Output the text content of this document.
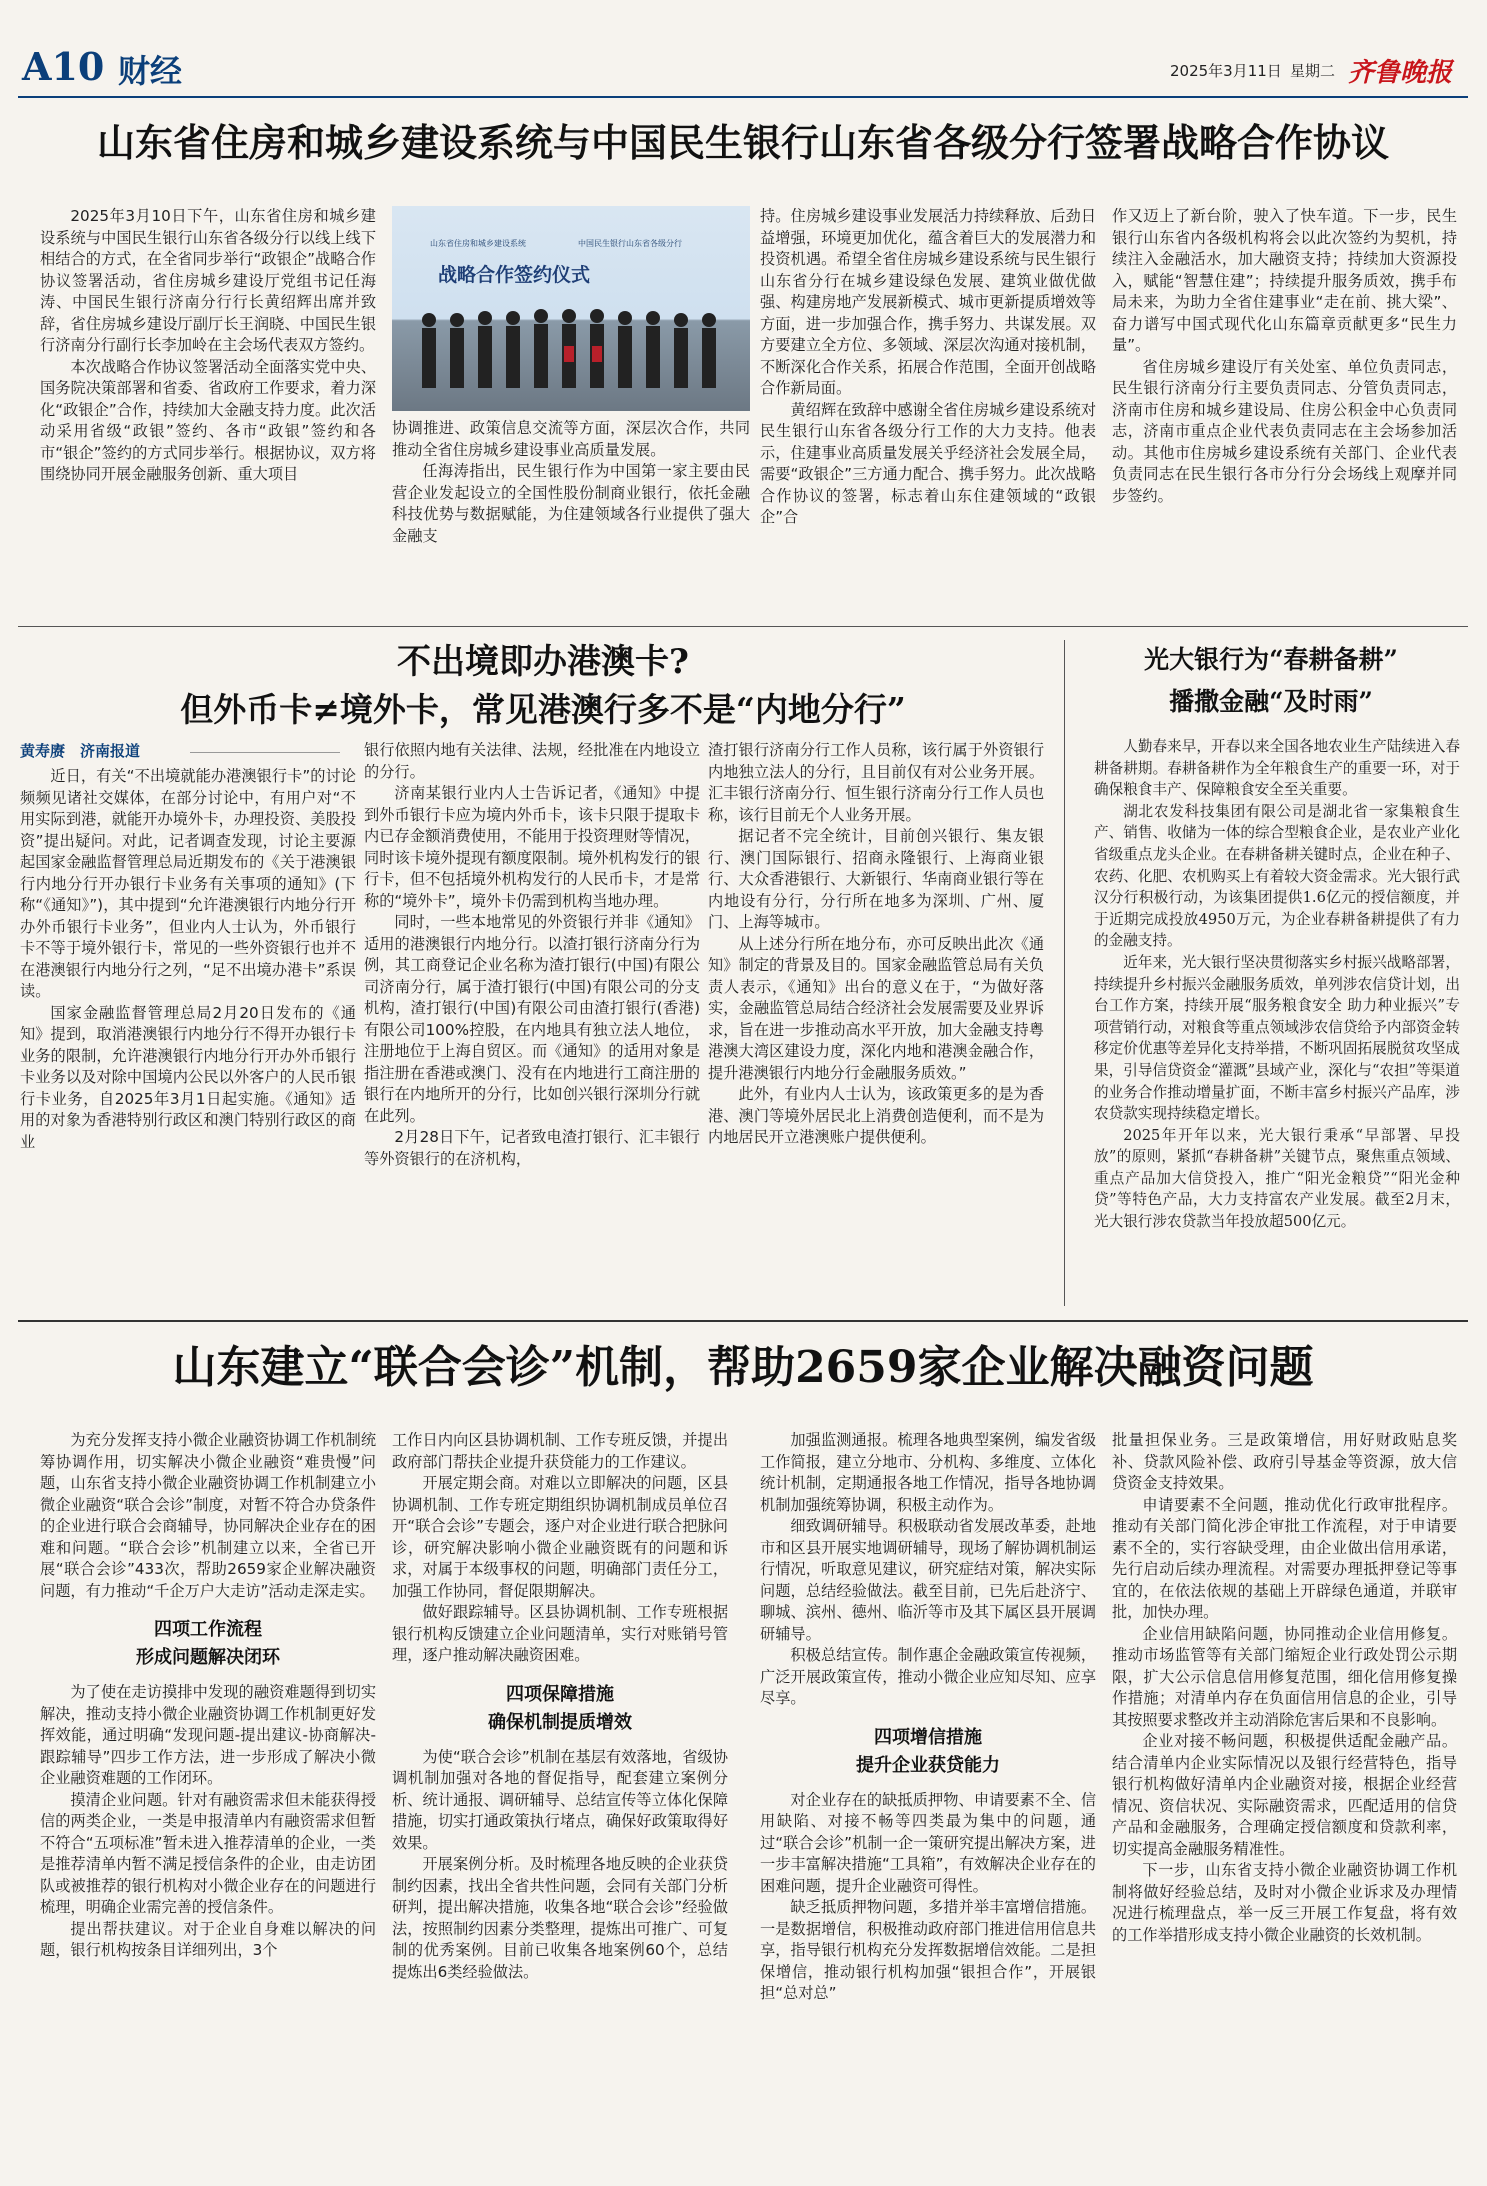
A10 财经	2025年3月11日 星期二 齐鲁晚报
山东省住房和城乡建设系统与中国民生银行山东省各级分行签署战略合作协议

2025年3月10日下午，山东省住房和城乡建设系统与中国民生银行山东省各级分行以线上线下相结合的方式，在全省同步举行“政银企”战略合作协议签署活动，省住房城乡建设厅党组书记任海涛、中国民生银行济南分行行长黄绍辉出席并致辞，省住房城乡建设厅副厅长王润晓、中国民生银行济南分行副行长李加岭在主会场代表双方签约。

本次战略合作协议签署活动全面落实党中央、国务院决策部署和省委、省政府工作要求，着力深化“政银企”合作，持续加大金融支持力度。此次活动采用省级“政银”签约、各市“政银”签约和各市“银企”签约的方式同步举行。根据协议，双方将围绕协同开展金融服务创新、重大项目

山东省住房和城乡建设系统	中国民生银行山东省各级分行
战略合作签约仪式

协调推进、政策信息交流等方面，深层次合作，共同推动全省住房城乡建设事业高质量发展。

任海涛指出，民生银行作为中国第一家主要由民营企业发起设立的全国性股份制商业银行，依托金融科技优势与数据赋能，为住建领域各行业提供了强大金融支

持。住房城乡建设事业发展活力持续释放、后劲日益增强，环境更加优化，蕴含着巨大的发展潜力和投资机遇。希望全省住房城乡建设系统与民生银行山东省分行在城乡建设绿色发展、建筑业做优做强、构建房地产发展新模式、城市更新提质增效等方面，进一步加强合作，携手努力、共谋发展。双方要建立全方位、多领域、深层次沟通对接机制，不断深化合作关系，拓展合作范围，全面开创战略合作新局面。

黄绍辉在致辞中感谢全省住房城乡建设系统对民生银行山东省各级分行工作的大力支持。他表示，住建事业高质量发展关乎经济社会发展全局，需要“政银企”三方通力配合、携手努力。此次战略合作协议的签署，标志着山东住建领域的“政银企”合

作又迈上了新台阶，驶入了快车道。下一步，民生银行山东省内各级机构将会以此次签约为契机，持续注入金融活水，加大融资支持；持续加大资源投入，赋能“智慧住建”；持续提升服务质效，携手布局未来，为助力全省住建事业“走在前、挑大梁”、奋力谱写中国式现代化山东篇章贡献更多“民生力量”。

省住房城乡建设厅有关处室、单位负责同志，民生银行济南分行主要负责同志、分管负责同志，济南市住房和城乡建设局、住房公积金中心负责同志，济南市重点企业代表负责同志在主会场参加活动。其他市住房城乡建设系统有关部门、企业代表负责同志在民生银行各市分行分会场线上观摩并同步签约。

不出境即办港澳卡?
但外币卡≠境外卡，常见港澳行多不是“内地分行”
黄寿赓　济南报道

近日，有关“不出境就能办港澳银行卡”的讨论频频见诸社交媒体，在部分讨论中，有用户对“不用实际到港，就能开办境外卡，办理投资、美股投资”提出疑问。对此，记者调查发现，讨论主要源起国家金融监督管理总局近期发布的《关于港澳银行内地分行开办银行卡业务有关事项的通知》(下称“《通知》”)，其中提到“允许港澳银行内地分行开办外币银行卡业务”，但业内人士认为，外币银行卡不等于境外银行卡，常见的一些外资银行也并不在港澳银行内地分行之列，“足不出境办港卡”系误读。

国家金融监督管理总局2月20日发布的《通知》提到，取消港澳银行内地分行不得开办银行卡业务的限制，允许港澳银行内地分行开办外币银行卡业务以及对除中国境内公民以外客户的人民币银行卡业务，自2025年3月1日起实施。《通知》适用的对象为香港特别行政区和澳门特别行政区的商业

银行依照内地有关法律、法规，经批准在内地设立的分行。

济南某银行业内人士告诉记者，《通知》中提到外币银行卡应为境内外币卡，该卡只限于提取卡内已存金额消费使用，不能用于投资理财等情况，同时该卡境外提现有额度限制。境外机构发行的银行卡，但不包括境外机构发行的人民币卡，才是常称的“境外卡”，境外卡仍需到机构当地办理。

同时，一些本地常见的外资银行并非《通知》适用的港澳银行内地分行。以渣打银行济南分行为例，其工商登记企业名称为渣打银行(中国)有限公司济南分行，属于渣打银行(中国)有限公司的分支机构，渣打银行(中国)有限公司由渣打银行(香港)有限公司100%控股，在内地具有独立法人地位，注册地位于上海自贸区。而《通知》的适用对象是指注册在香港或澳门、没有在内地进行工商注册的银行在内地所开的分行，比如创兴银行深圳分行就在此列。

2月28日下午，记者致电渣打银行、汇丰银行等外资银行的在济机构，

渣打银行济南分行工作人员称，该行属于外资银行内地独立法人的分行，且目前仅有对公业务开展。汇丰银行济南分行、恒生银行济南分行工作人员也称，该行目前无个人业务开展。

据记者不完全统计，目前创兴银行、集友银行、澳门国际银行、招商永隆银行、上海商业银行、大众香港银行、大新银行、华南商业银行等在内地设有分行，分行所在地多为深圳、广州、厦门、上海等城市。

从上述分行所在地分布，亦可反映出此次《通知》制定的背景及目的。国家金融监管总局有关负责人表示，《通知》出台的意义在于，“为做好落实，金融监管总局结合经济社会发展需要及业界诉求，旨在进一步推动高水平开放，加大金融支持粤港澳大湾区建设力度，深化内地和港澳金融合作，提升港澳银行内地分行金融服务质效。”

此外，有业内人士认为，该政策更多的是为香港、澳门等境外居民北上消费创造便利，而不是为内地居民开立港澳账户提供便利。

光大银行为“春耕备耕”
播撒金融“及时雨”

人勤春来早，开春以来全国各地农业生产陆续进入春耕备耕期。春耕备耕作为全年粮食生产的重要一环，对于确保粮食丰产、保障粮食安全至关重要。

湖北农发科技集团有限公司是湖北省一家集粮食生产、销售、收储为一体的综合型粮食企业，是农业产业化省级重点龙头企业。在春耕备耕关键时点，企业在种子、农药、化肥、农机购买上有着较大资金需求。光大银行武汉分行积极行动，为该集团提供1.6亿元的授信额度，并于近期完成投放4950万元，为企业春耕备耕提供了有力的金融支持。

近年来，光大银行坚决贯彻落实乡村振兴战略部署，持续提升乡村振兴金融服务质效，单列涉农信贷计划，出台工作方案，持续开展“服务粮食安全 助力种业振兴”专项营销行动，对粮食等重点领域涉农信贷给予内部资金转移定价优惠等差异化支持举措，不断巩固拓展脱贫攻坚成果，引导信贷资金“灌溉”县域产业，深化与“农担”等渠道的业务合作推动增量扩面，不断丰富乡村振兴产品库，涉农贷款实现持续稳定增长。

2025年开年以来，光大银行秉承“早部署、早投放”的原则，紧抓“春耕备耕”关键节点，聚焦重点领域、重点产品加大信贷投入，推广“阳光金粮贷”“阳光金种贷”等特色产品，大力支持富农产业发展。截至2月末，光大银行涉农贷款当年投放超500亿元。

山东建立“联合会诊”机制，帮助2659家企业解决融资问题

为充分发挥支持小微企业融资协调工作机制统筹协调作用，切实解决小微企业融资“难贵慢”问题，山东省支持小微企业融资协调工作机制建立小微企业融资“联合会诊”制度，对暂不符合办贷条件的企业进行联合会商辅导，协同解决企业存在的困难和问题。“联合会诊”机制建立以来，全省已开展“联合会诊”433次，帮助2659家企业解决融资问题，有力推动“千企万户大走访”活动走深走实。

四项工作流程
形成问题解决闭环

为了使在走访摸排中发现的融资难题得到切实解决，推动支持小微企业融资协调工作机制更好发挥效能，通过明确“发现问题-提出建议-协商解决-跟踪辅导”四步工作方法，进一步形成了解决小微企业融资难题的工作闭环。

摸清企业问题。针对有融资需求但未能获得授信的两类企业，一类是申报清单内有融资需求但暂不符合“五项标准”暂未进入推荐清单的企业，一类是推荐清单内暂不满足授信条件的企业，由走访团队或被推荐的银行机构对小微企业存在的问题进行梳理，明确企业需完善的授信条件。

提出帮扶建议。对于企业自身难以解决的问题，银行机构按条目详细列出，3个

工作日内向区县协调机制、工作专班反馈，并提出政府部门帮扶企业提升获贷能力的工作建议。

开展定期会商。对难以立即解决的问题，区县协调机制、工作专班定期组织协调机制成员单位召开“联合会诊”专题会，逐户对企业进行联合把脉问诊，研究解决影响小微企业融资既有的问题和诉求，对属于本级事权的问题，明确部门责任分工，加强工作协同，督促限期解决。

做好跟踪辅导。区县协调机制、工作专班根据银行机构反馈建立企业问题清单，实行对账销号管理，逐户推动解决融资困难。

四项保障措施
确保机制提质增效

为使“联合会诊”机制在基层有效落地，省级协调机制加强对各地的督促指导，配套建立案例分析、统计通报、调研辅导、总结宣传等立体化保障措施，切实打通政策执行堵点，确保好政策取得好效果。

开展案例分析。及时梳理各地反映的企业获贷制约因素，找出全省共性问题，会同有关部门分析研判，提出解决措施，收集各地“联合会诊”经验做法，按照制约因素分类整理，提炼出可推广、可复制的优秀案例。目前已收集各地案例60个，总结提炼出6类经验做法。

加强监测通报。梳理各地典型案例，编发省级工作简报，建立分地市、分机构、多维度、立体化统计机制，定期通报各地工作情况，指导各地协调机制加强统筹协调，积极主动作为。

细致调研辅导。积极联动省发展改革委，赴地市和区县开展实地调研辅导，现场了解协调机制运行情况，听取意见建议，研究症结对策，解决实际问题，总结经验做法。截至目前，已先后赴济宁、聊城、滨州、德州、临沂等市及其下属区县开展调研辅导。

积极总结宣传。制作惠企金融政策宣传视频，广泛开展政策宣传，推动小微企业应知尽知、应享尽享。

四项增信措施
提升企业获贷能力

对企业存在的缺抵质押物、申请要素不全、信用缺陷、对接不畅等四类最为集中的问题，通过“联合会诊”机制一企一策研究提出解决方案，进一步丰富解决措施“工具箱”，有效解决企业存在的困难问题，提升企业融资可得性。

缺乏抵质押物问题，多措并举丰富增信措施。一是数据增信，积极推动政府部门推进信用信息共享，指导银行机构充分发挥数据增信效能。二是担保增信，推动银行机构加强“银担合作”，开展银担“总对总”

批量担保业务。三是政策增信，用好财政贴息奖补、贷款风险补偿、政府引导基金等资源，放大信贷资金支持效果。

申请要素不全问题，推动优化行政审批程序。推动有关部门简化涉企审批工作流程，对于申请要素不全的，实行容缺受理，由企业做出信用承诺，先行启动后续办理流程。对需要办理抵押登记等事宜的，在依法依规的基础上开辟绿色通道，并联审批，加快办理。

企业信用缺陷问题，协同推动企业信用修复。推动市场监管等有关部门缩短企业行政处罚公示期限，扩大公示信息信用修复范围，细化信用修复操作措施；对清单内存在负面信用信息的企业，引导其按照要求整改并主动消除危害后果和不良影响。

企业对接不畅问题，积极提供适配金融产品。结合清单内企业实际情况以及银行经营特色，指导银行机构做好清单内企业融资对接，根据企业经营情况、资信状况、实际融资需求，匹配适用的信贷产品和金融服务，合理确定授信额度和贷款利率，切实提高金融服务精准性。

下一步，山东省支持小微企业融资协调工作机制将做好经验总结，及时对小微企业诉求及办理情况进行梳理盘点，举一反三开展工作复盘，将有效的工作举措形成支持小微企业融资的长效机制。
